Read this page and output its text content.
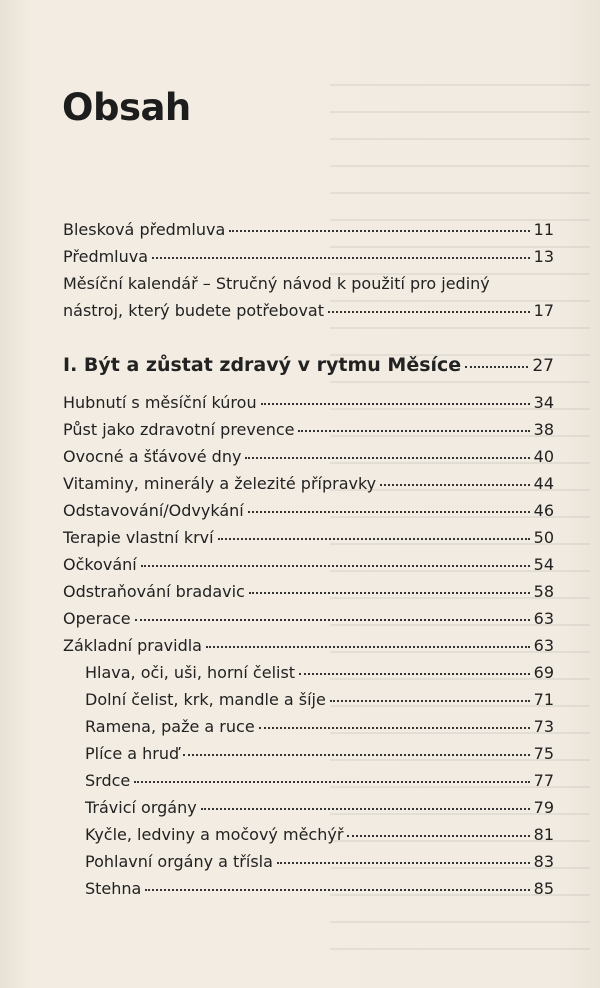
Obsah
Blesková předmluva	11
Předmluva	13
Měsíční kalendář – Stručný návod k použití pro jediný
nástroj, který budete potřebovat	17
I. Být a zůstat zdravý v rytmu Měsíce	27
Hubnutí s měsíční kúrou	34
Půst jako zdravotní prevence	38
Ovocné a šťávové dny	40
Vitaminy, minerály a železité přípravky	44
Odstavování/Odvykání	46
Terapie vlastní krví	50
Očkování	54
Odstraňování bradavic	58
Operace	63
Základní pravidla	63
Hlava, oči, uši, horní čelist	69
Dolní čelist, krk, mandle a šíje	71
Ramena, paže a ruce	73
Plíce a hruď	75
Srdce	77
Trávicí orgány	79
Kyčle, ledviny a močový měchýř	81
Pohlavní orgány a třísla	83
Stehna	85
